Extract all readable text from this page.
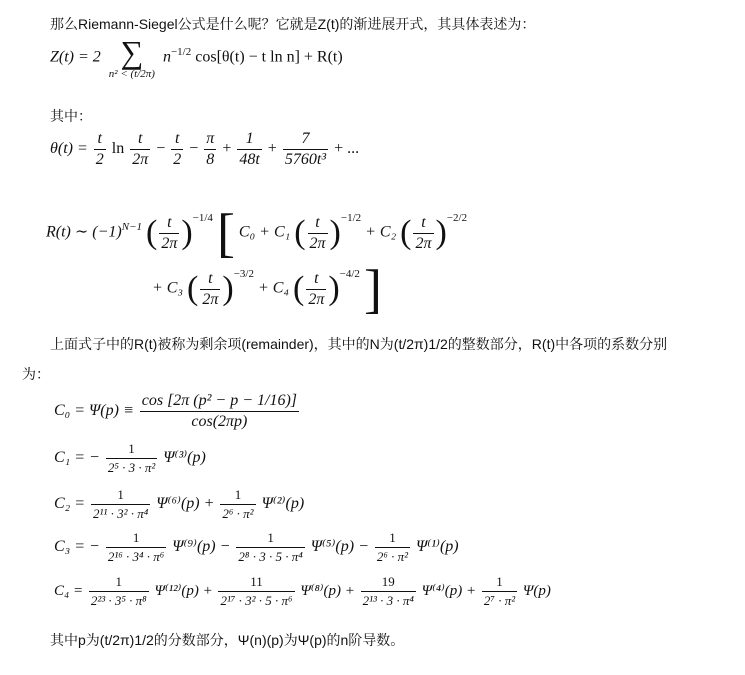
那么Riemann-Siegel公式是什么呢？它就是Z(t)的渐进展开式，其具体表述为：
Z(t) = 2 ∑
n² < (t/2π)
$n^{-1/2}$ cos[θ(t) − t ln n] + R(t)
其中：
$\theta(t) = \frac{t}{2}$ $\ln \frac{t}{2\pi} - \frac{t}{2} - \frac{\pi}{8} + \frac{1}{48t} + \frac{7}{\text{5760t³}}$ + ...
R(t) ∼ $(-1)^{N-1}$ ( $\frac{t}{2\pi} )^{-1/4}$ [ C₀ + C₁ ( $\frac{t}{2\pi} )^{-1/2} + C_2$ ( $\frac{t}{2\pi} )^{-2/2}$
+ C₃ ( $\frac{t}{2\pi} )^{-3/2} + C_4$ ( $\frac{t}{2\pi} )^{-4/2}$ ]
上面式子中的R(t)被称为剩余项(remainder)，其中的N为(t/2π)1/2的整数部分，R(t)中各项的系数分别
为：
$C_0 = \Psi(p) \equiv \frac{\text{cos [2π (p² − p − 1/16)]}}{\cos(2\pi p)}$
C₁ = − $\frac{1}{\text{2⁵ · 3 · π²}} \Psi^{(3)}(p)$
$C_2 = \frac{1}{\text{2¹¹ · 3² · π⁴}} \Psi^{(6)}(p) + \frac{1}{\text{2⁶ · π²}} \Psi^{(2)}(p)$
C₃ = − $\frac{1}{\text{2¹⁶ · 3⁴ · π⁶}} \Psi^{(9)}(p) - \frac{1}{\text{2⁸ · 3 · 5 · π⁴}} \Psi^{(5)}(p) - \frac{1}{\text{2⁶ · π²}} \Psi^{(1)}(p)$
$C_4 = \frac{1}{\text{2²³ · 3⁵ · π⁸}} \Psi^{(12)}(p) + \frac{11}{\text{2¹⁷ · 3² · 5 · π⁶}} \Psi^{(8)}(p) + \frac{19}{\text{2¹³ · 3 · π⁴}} \Psi^{(4)}(p) + \frac{1}{\text{2⁷ · π²}} \Psi(p)$
其中p为(t/2π)1/2的分数部分，Ψ(n)(p)为Ψ(p)的n阶导数。
